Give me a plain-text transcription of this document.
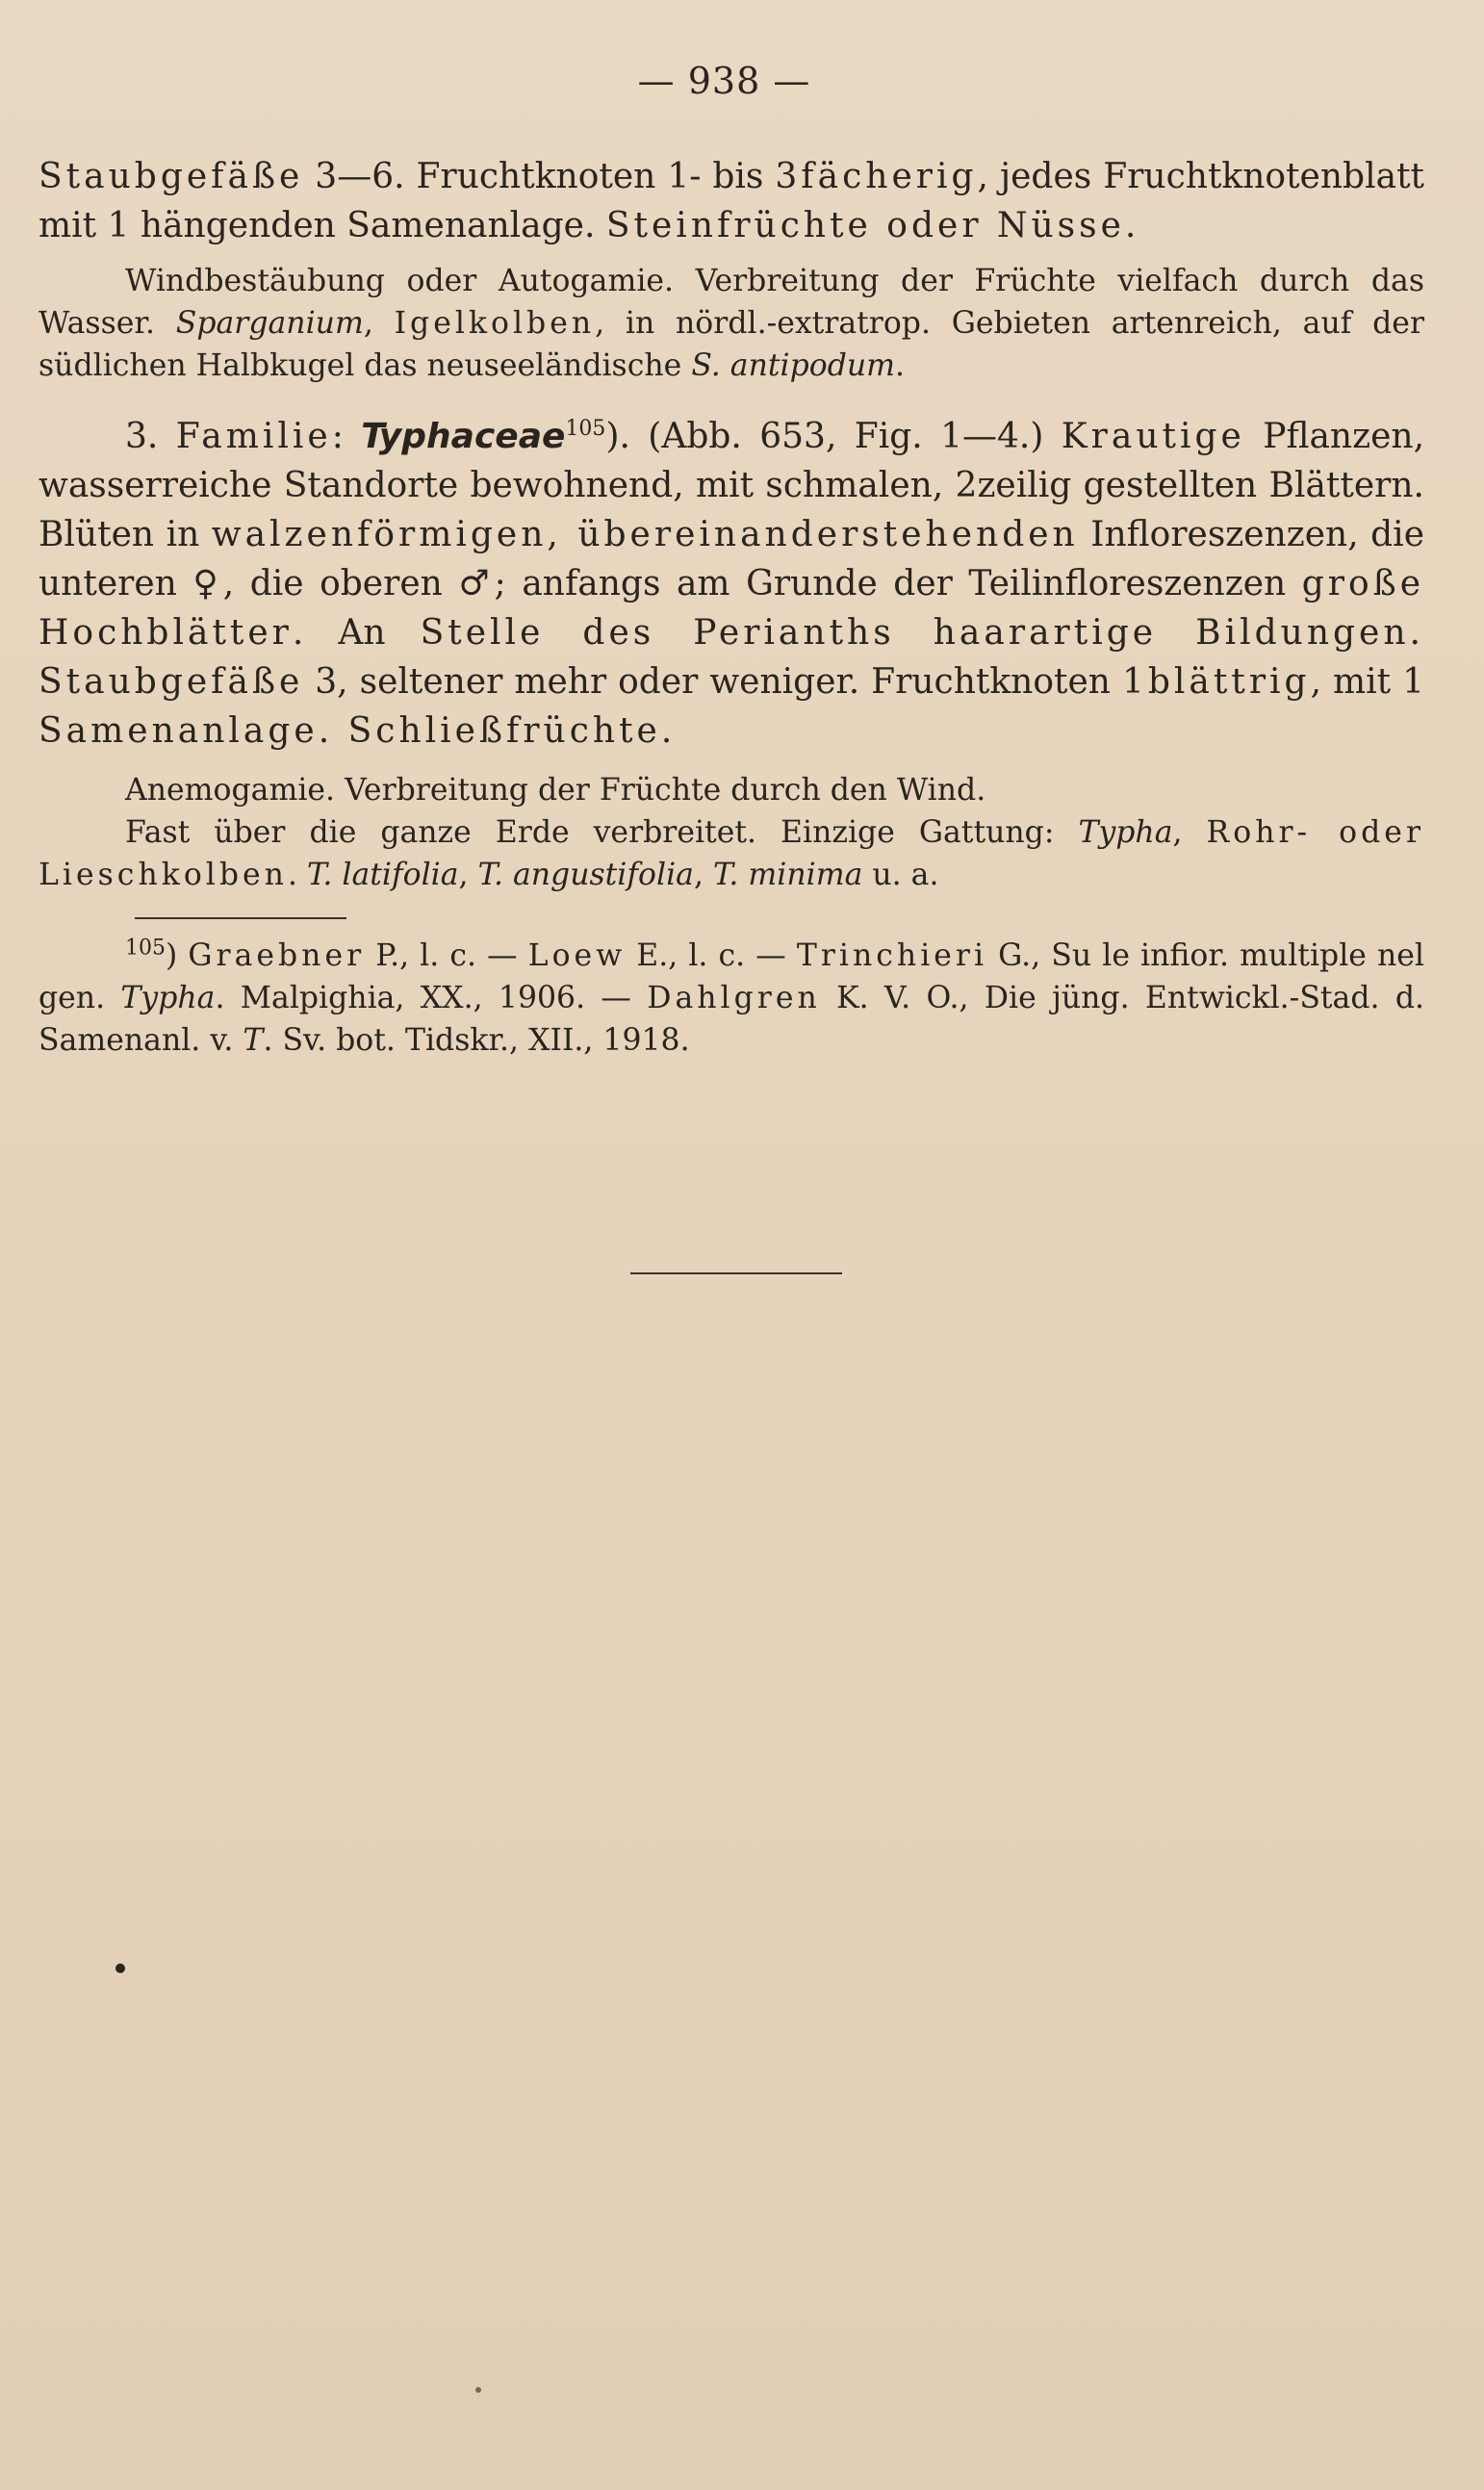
— 938 —

Staubgefäße 3—6. Fruchtknoten 1- bis 3fächerig, jedes Fruchtknotenblatt mit 1 hängenden Samenanlage. Steinfrüchte oder Nüsse.

Windbestäubung oder Autogamie. Verbreitung der Früchte vielfach durch das Wasser. Sparganium, Igelkolben, in nördl.-extratrop. Gebieten artenreich, auf der südlichen Halbkugel das neuseeländische S. antipodum.

3. Familie: Typhaceae$^{105}$). (Abb. 653, Fig. 1—4.) Krautige Pflanzen, wasserreiche Standorte bewohnend, mit schmalen, 2zeilig gestellten Blättern. Blüten in walzenförmigen, übereinanderstehenden Infloreszenzen, die unteren ♀, die oberen ♂; anfangs am Grunde der Teilinfloreszenzen große Hochblätter. An Stelle des Perianths haarartige Bildungen. Staubgefäße 3, seltener mehr oder weniger. Fruchtknoten 1blättrig, mit 1 Samenanlage. Schließfrüchte.

Anemogamie. Verbreitung der Früchte durch den Wind.

Fast über die ganze Erde verbreitet. Einzige Gattung: Typha, Rohr- oder Lieschkolben. T. latifolia, T. angustifolia, T. minima u. a.

$^{105}$) Graebner P., l. c. — Loew E., l. c. — Trinchieri G., Su le infior. multiple nel gen. Typha. Malpighia, XX., 1906. — Dahlgren K. V. O., Die jüng. Entwickl.-Stad. d. Samenanl. v. T. Sv. bot. Tidskr., XII., 1918.
